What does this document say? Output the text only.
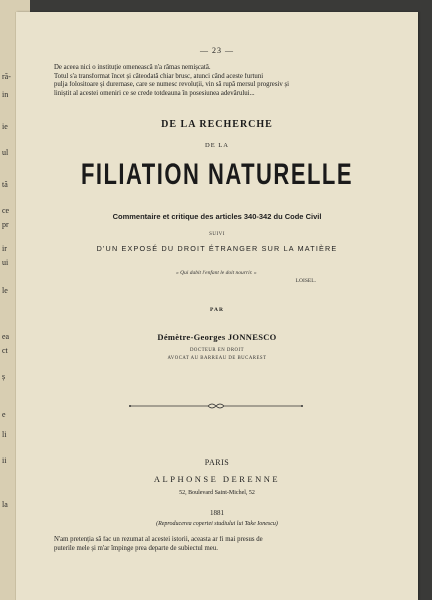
ră-
in
ie
ul
tă
ce
pr
ir
ui
le
ea
ct
ș
e
li
ii
la
— 23 —
De aceea nici o instituție omenească n'a rămas nemișcată.
Totul s'a transformat încet și câteodată chiar brusc, atunci când aceste furtuni
pulja folositoare și durernase, care se numesc revoluții, vin să rupă mersul progresiv și
liniștit al acestei omeniri ce se crede totdeauna în posesiunea adevărului...
DE LA RECHERCHE
DE LA
FILIATION NATURELLE
Commentaire et critique des articles 340-342 du Code Civil
SUIVI
D'UN EXPOSÉ DU DROIT ÉTRANGER SUR LA MATIÈRE
« Qui dabit l'enfant le doit nourrir. »
LOISEL.
PAR
Démètre-Georges JONNESCO
DOCTEUR EN DROIT
AVOCAT AU BARREAU DE BUCAREST
PARIS
ALPHONSE DERENNE
52, Boulevard Saint-Michel, 52
1881
(Reproducerea copertei studiului lui Take Ionescu)
N'am pretenția să fac un rezumat al acestei istorii, aceasta ar fi mai presus de
puterile mele și m'ar împinge prea departe de subiectul meu.
